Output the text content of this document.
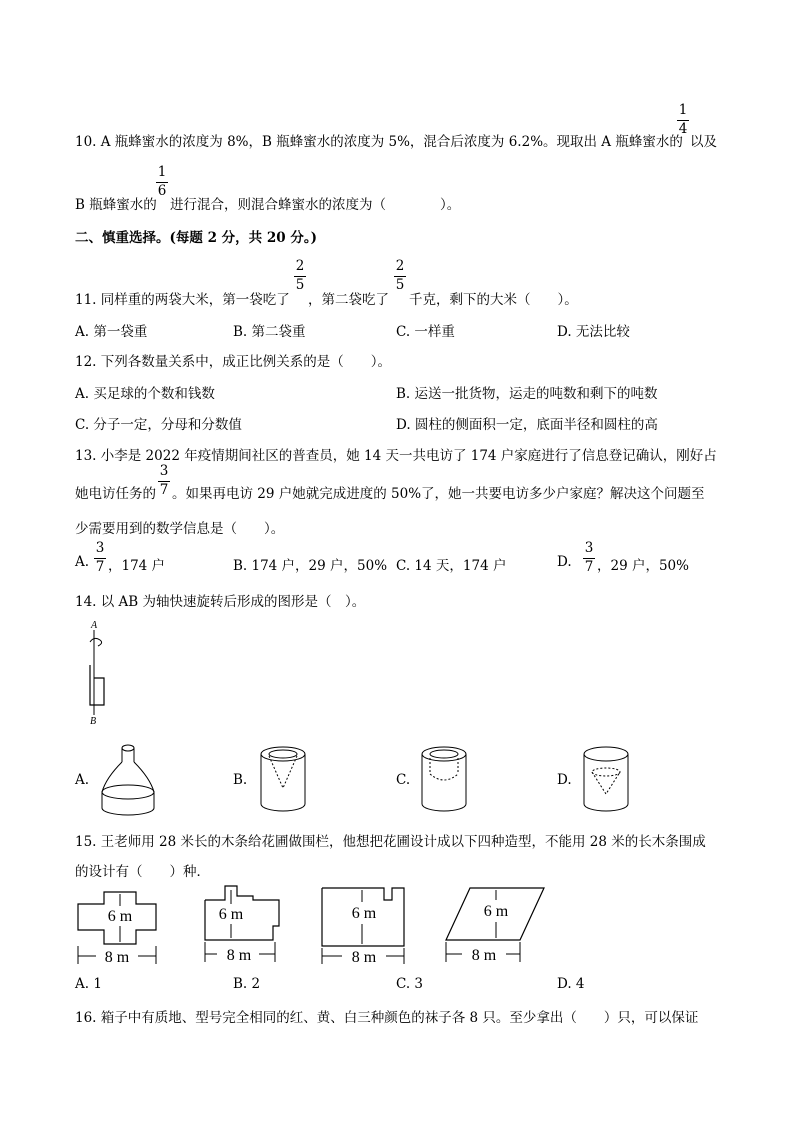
10. A 瓶蜂蜜水的浓度为 8%，B 瓶蜂蜜水的浓度为 5%，混合后浓度为 6.2%。现取出 A 瓶蜂蜜水的
1
4
以及
B 瓶蜂蜜水的
1
6
进行混合，则混合蜂蜜水的浓度为（　　　　）。
二、慎重选择。(每题 2 分，共 20 分。)
11. 同样重的两袋大米，第一袋吃了
2
5
，第二袋吃了
2
5
千克，剩下的大米（　　）。
A. 第一袋重	B. 第二袋重	C. 一样重	D. 无法比较
12. 下列各数量关系中，成正比例关系的是（　　）。
A. 买足球的个数和钱数	B. 运送一批货物，运走的吨数和剩下的吨数
C. 分子一定，分母和分数值	D. 圆柱的侧面积一定，底面半径和圆柱的高
13. 小李是 2022 年疫情期间社区的普查员，她 14 天一共电访了 174 户家庭进行了信息登记确认，刚好占
她电访任务的
3
7 。如果再电访 29 户她就完成进度的 50%了，她一共要电访多少户家庭？解决这个问题至
少需要用到的数学信息是（　　）。
A.
3
7 ，174 户	B. 174 户，29 户，50% C. 14 天，174 户	D.
3
7 ，29 户，50%
14. 以 AB 为轴快速旋转后形成的图形是（　）。
A
B
A.	B.	C.	D.
15. 王老师用 28 米长的木条给花圃做围栏，他想把花圃设计成以下四种造型，不能用 28 米的长木条围成
的设计有（　　）种．
6 m
8 m
6 m
8 m
6 m
8 m
6 m
8 m
A. 1	B. 2	C. 3	D. 4
16. 箱子中有质地、型号完全相同的红、黄、白三种颜色的袜子各 8 只。至少拿出（　　）只，可以保证
